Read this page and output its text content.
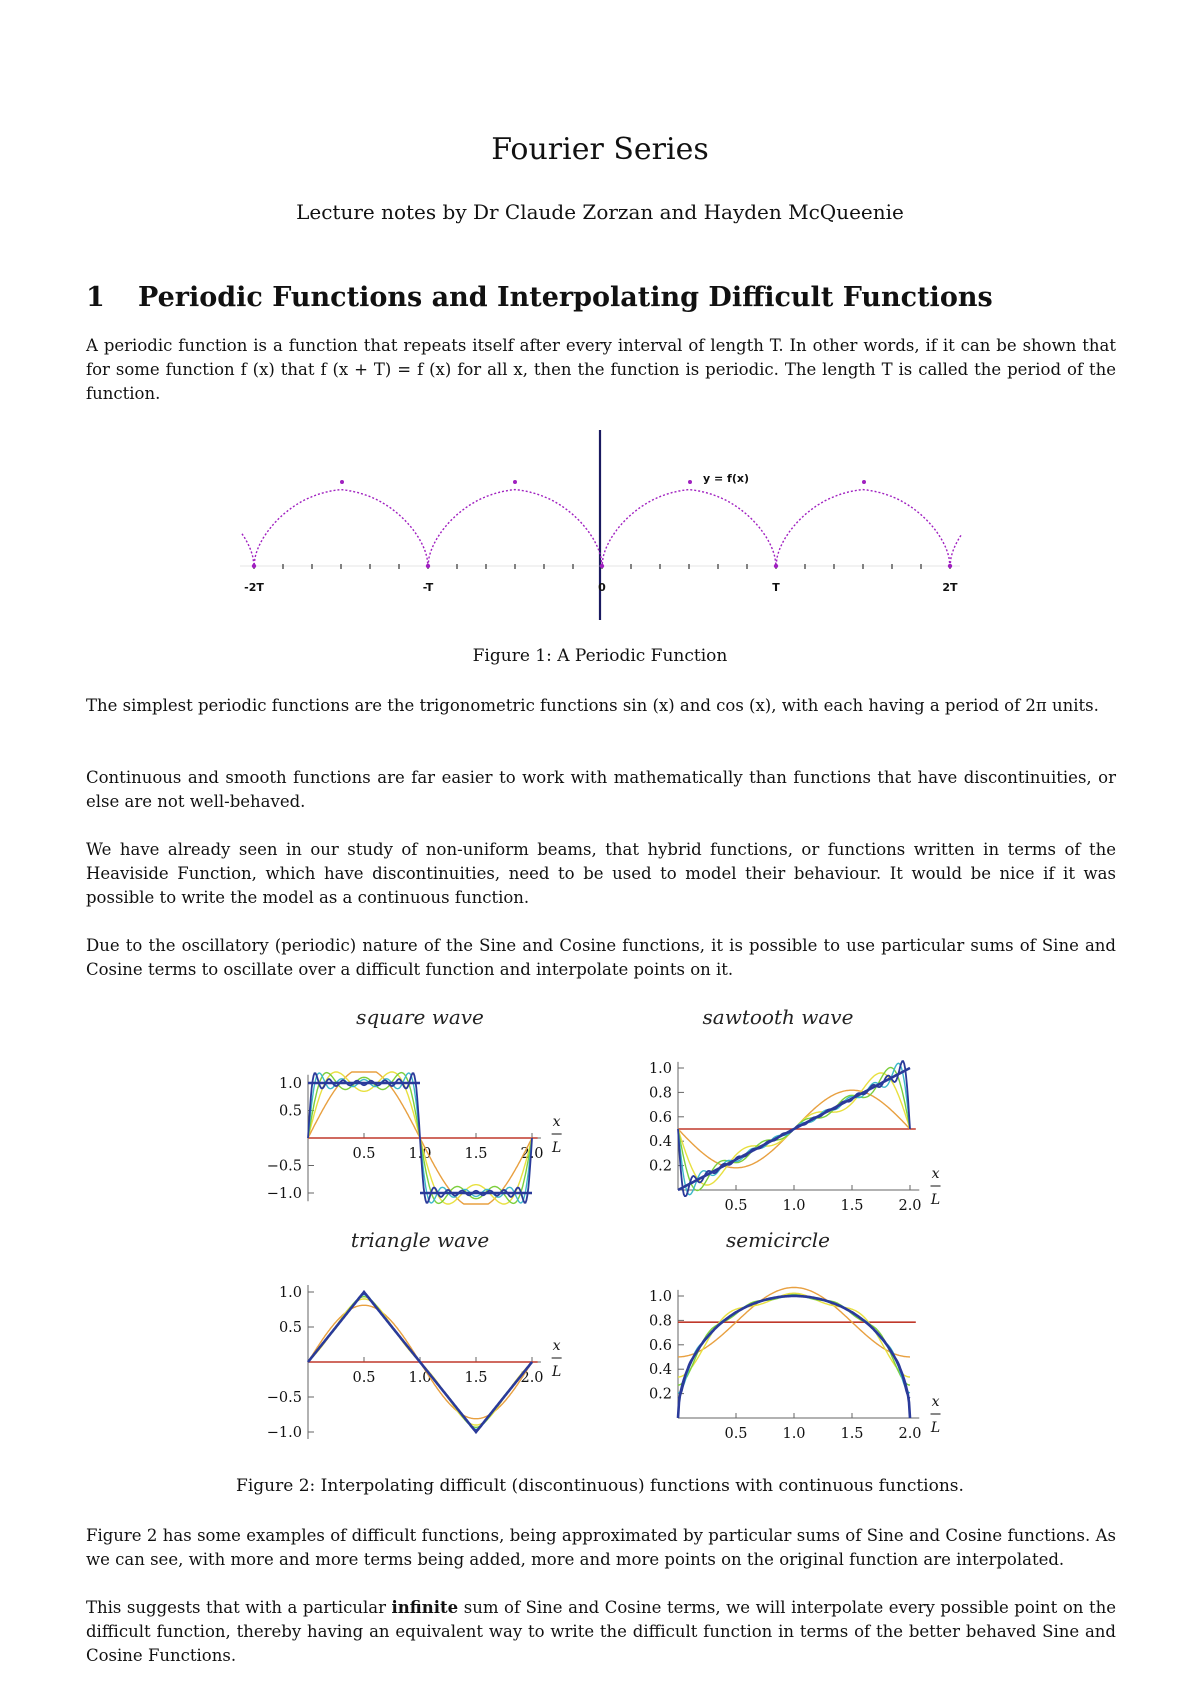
Fourier Series
Lecture notes by Dr Claude Zorzan and Hayden McQueenie
1 Periodic Functions and Interpolating Difficult Functions
A periodic function is a function that repeats itself after every interval of length T. In other words, if it can be shown that for some function f (x) that f (x + T) = f (x) for all x, then the function is periodic. The length T is called the period of the function.
y = f(x)
-2T	-T	0	T	2T
Figure 1: A Periodic Function
The simplest periodic functions are the trigonometric functions sin (x) and cos (x), with each having a period of 2π units.
Continuous and smooth functions are far easier to work with mathematically than functions that have discontinuities, or else are not well-behaved.
We have already seen in our study of non-uniform beams, that hybrid functions, or functions written in terms of the Heaviside Function, which have discontinuities, need to be used to model their behaviour. It would be nice if it was possible to write the model as a continuous function.
Due to the oscillatory (periodic) nature of the Sine and Cosine functions, it is possible to use particular sums of Sine and Cosine terms to oscillate over a difficult function and interpolate points on it.
square wave
1.0
0.5
−0.5
−1.0
0.5 1.0 1.5 2.0
x
L
sawtooth wave
1.0
0.8
0.6
0.4
0.2
0.5 1.0 1.5 2.0
x
L
triangle wave
1.0
0.5
−0.5
−1.0
0.5 1.0 1.5 2.0
x
L
semicircle
1.0
0.8
0.6
0.4
0.2
0.5 1.0 1.5 2.0
x
L
Figure 2: Interpolating difficult (discontinuous) functions with continuous functions.
Figure 2 has some examples of difficult functions, being approximated by particular sums of Sine and Cosine functions. As we can see, with more and more terms being added, more and more points on the original function are interpolated.
This suggests that with a particular infinite sum of Sine and Cosine terms, we will interpolate every possible point on the difficult function, thereby having an equivalent way to write the difficult function in terms of the better behaved Sine and Cosine Functions.
